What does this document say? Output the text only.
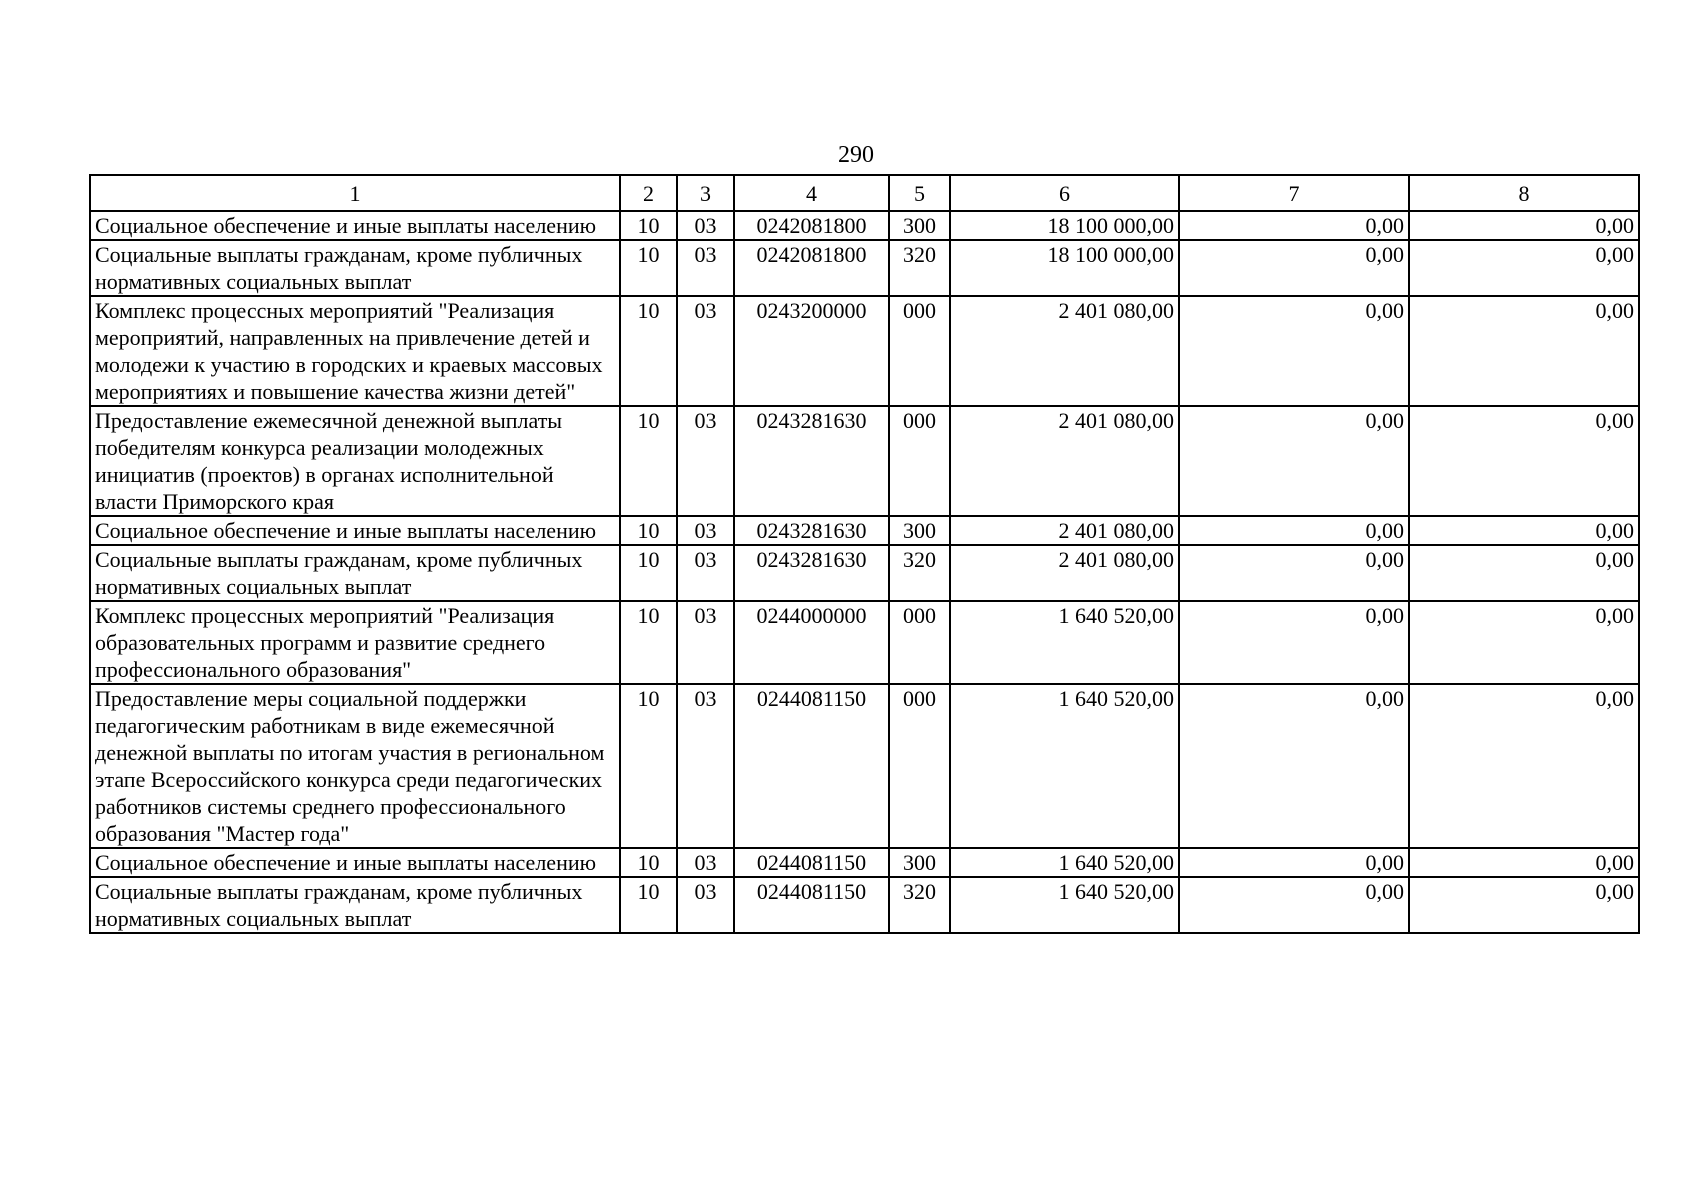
290
1	2	3	4	5	6	7	8
Социальное обеспечение и иные выплаты населению	10	03	0242081800	300	18 100 000,00	0,00	0,00
Социальные выплаты гражданам, кроме публичных нормативных социальных выплат	10	03	0242081800	320	18 100 000,00	0,00	0,00
Комплекс процессных мероприятий "Реализация мероприятий, направленных на привлечение детей и молодежи к участию в городских и краевых массовых мероприятиях и повышение качества жизни детей"	10	03	0243200000	000	2 401 080,00	0,00	0,00
Предоставление ежемесячной денежной выплаты победителям конкурса реализации молодежных инициатив (проектов) в органах исполнительной власти Приморского края	10	03	0243281630	000	2 401 080,00	0,00	0,00
Социальное обеспечение и иные выплаты населению	10	03	0243281630	300	2 401 080,00	0,00	0,00
Социальные выплаты гражданам, кроме публичных нормативных социальных выплат	10	03	0243281630	320	2 401 080,00	0,00	0,00
Комплекс процессных мероприятий "Реализация образовательных программ и развитие среднего профессионального образования"	10	03	0244000000	000	1 640 520,00	0,00	0,00
Предоставление меры социальной поддержки педагогическим работникам в виде ежемесячной денежной выплаты по итогам участия в региональном этапе Всероссийского конкурса среди педагогических работников системы среднего профессионального образования "Мастер года"	10	03	0244081150	000	1 640 520,00	0,00	0,00
Социальное обеспечение и иные выплаты населению	10	03	0244081150	300	1 640 520,00	0,00	0,00
Социальные выплаты гражданам, кроме публичных нормативных социальных выплат	10	03	0244081150	320	1 640 520,00	0,00	0,00
